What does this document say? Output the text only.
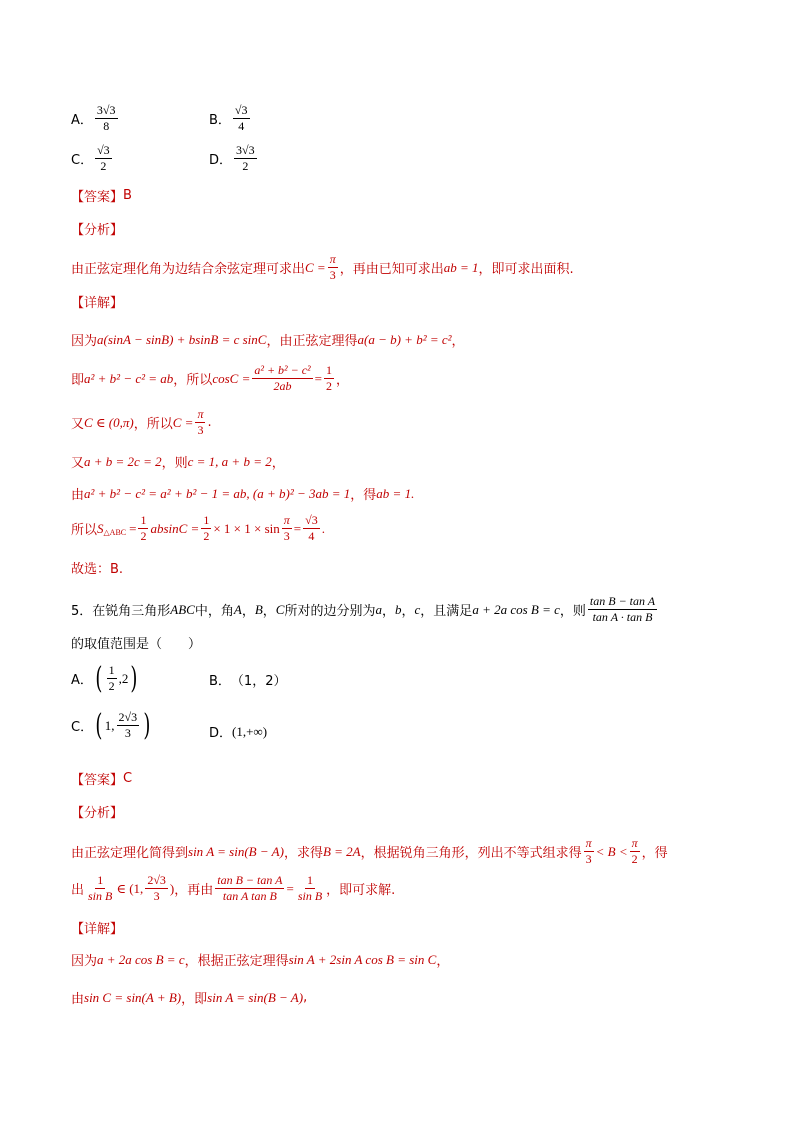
A． $\frac{3√3}{8}$	B． $\frac{√3}{4}$
C． $\frac{√3}{2}$	D． $\frac{3√3}{2}$
【答案】 B
【分析】
由正弦定理化角为边结合余弦定理可求出 $C = \frac{\pi}{3}$ ，再由已知可求出 ab = 1 ，即可求出面积.
【详解】
因为 a(sinA − sinB) + bsinB = c sinC ，由正弦定理得 a(a − b) + b² = c² ，
即 a² + b² − c² = ab ，所以 $\cos C = \frac{\text{a² + b² − c²}}{2ab} = \frac{1}{2}$ ，
又 C ∈ (0,π) ，所以 $C = \frac{\pi}{3}$ .
又 a + b = 2c = 2 ，则 c = 1, a + b = 2 ，
由 a² + b² − c² = a² + b² − 1 = ab, (a + b)² − 3ab = 1 ，得 ab = 1.
所以 S △ABC = $\frac{1}{2}$ $absinC = \frac{1}{2} \times 1 \times 1 \times \sin \frac{\pi}{3} = \frac{√3}{4}$ .
故选：B.
5．在锐角三角形 ABC 中，角 A ， B ， C 所对的边分别为 a ， b ， c ，且满足 a + 2a cos B = c ，则 $\frac{\text{tan B − tan A}}{\text{tan A · tan B}}$
的取值范围是（　　）
A． ( $\frac{1}{2} ,2$ )	B． （1，2）
C． ( 1, $\frac{2√3}{3}$ )	D． (1,+∞)
【答案】 C
【分析】
由正弦定理化简得到 sin A = sin(B − A) ，求得 B = 2A ，根据锐角三角形，列出不等式组求得 $\frac{\pi}{3} < B < \frac{\pi}{2}$ ，得
出 $\frac{1}{\text{sin B}}$ ∈ (1, $\frac{2√3}{3}$ ) ，再由 $\frac{\text{tan B − tan A}}{\text{tan A tan B}} = \frac{1}{\text{sin B}}$ ，即可求解.
【详解】
因为 a + 2a cos B = c ，根据正弦定理得 sin A + 2sin A cos B = sin C ，
由 sin C = sin(A + B) ，即 sin A = sin(B − A) ,
